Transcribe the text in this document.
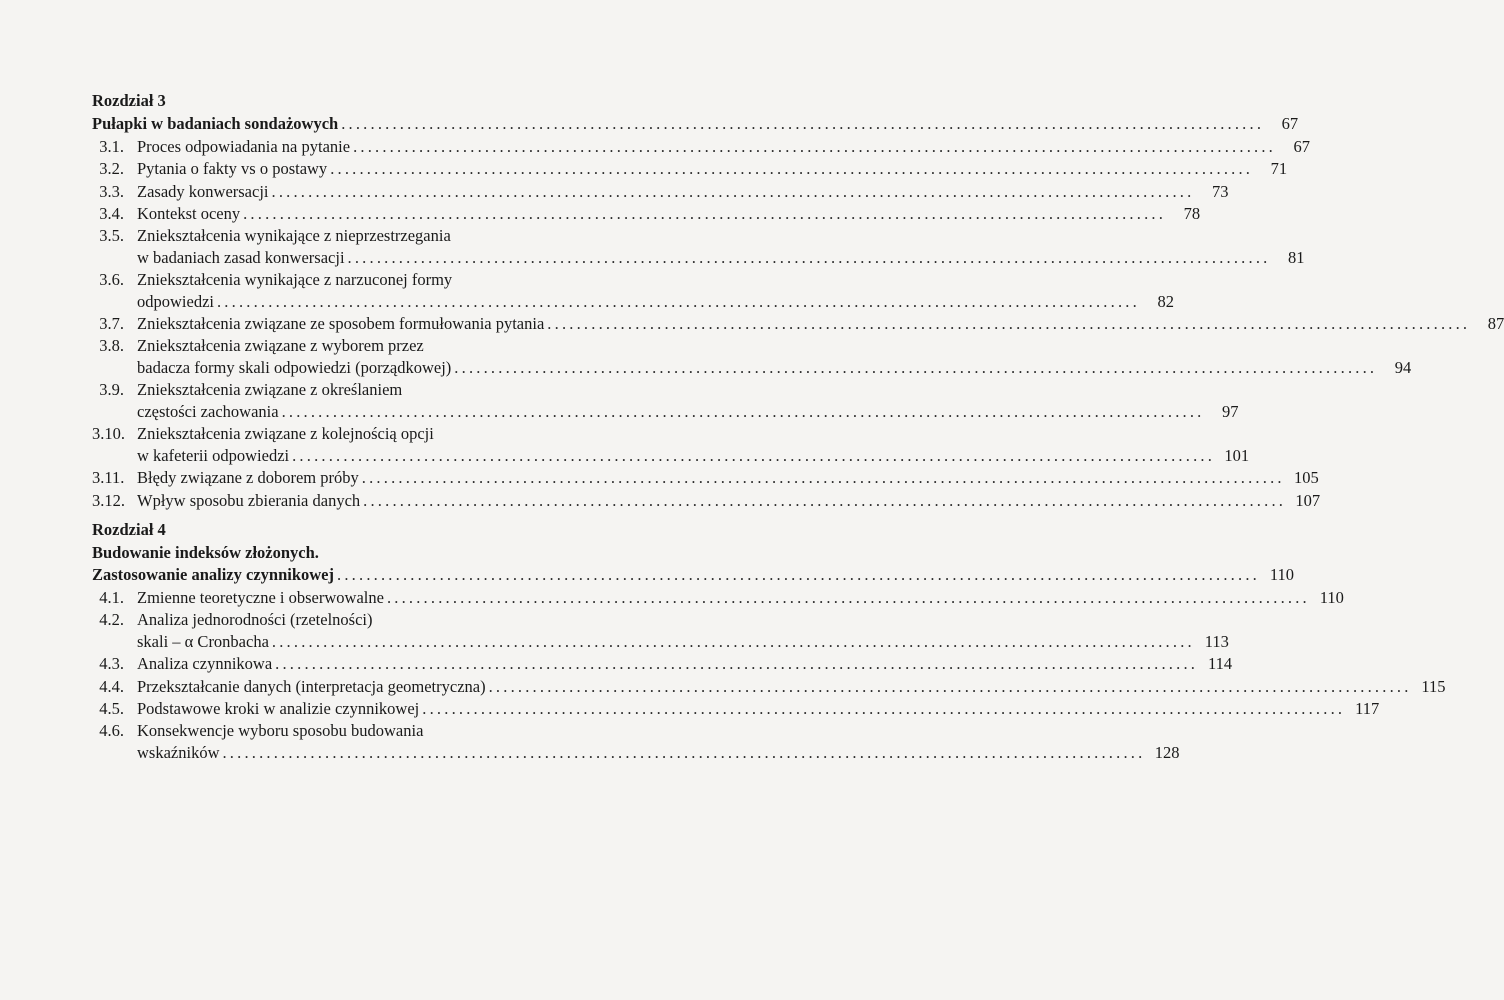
Rozdział 3
Pułapki w badaniach sondażowych ..............................................................................................................................	67
3.1. Proces odpowiadania na pytanie ..............................................................................................................................	67
3.2. Pytania o fakty vs o postawy ..............................................................................................................................	71
3.3. Zasady konwersacji ..............................................................................................................................	73
3.4. Kontekst oceny ..............................................................................................................................	78
3.5. Zniekształcenia wynikające z nieprzestrzegania
w badaniach zasad konwersacji ..............................................................................................................................	81
3.6. Zniekształcenia wynikające z narzuconej formy
odpowiedzi ..............................................................................................................................	82
3.7. Zniekształcenia związane ze sposobem formułowania pytania ..............................................................................................................................	87
3.8. Zniekształcenia związane z wyborem przez
badacza formy skali odpowiedzi (porządkowej) ..............................................................................................................................	94
3.9. Zniekształcenia związane z określaniem
częstości zachowania ..............................................................................................................................	97
3.10. Zniekształcenia związane z kolejnością opcji
w kafeterii odpowiedzi .............................................................................................................................. 101
3.11. Błędy związane z doborem próby .............................................................................................................................. 105
3.12. Wpływ sposobu zbierania danych .............................................................................................................................. 107
Rozdział 4
Budowanie indeksów złożonych.
Zastosowanie analizy czynnikowej .............................................................................................................................. 110
4.1. Zmienne teoretyczne i obserwowalne .............................................................................................................................. 110
4.2. Analiza jednorodności (rzetelności)
skali – α Cronbacha .............................................................................................................................. 113
4.3. Analiza czynnikowa .............................................................................................................................. 114
4.4. Przekształcanie danych (interpretacja geometryczna) .............................................................................................................................. 115
4.5. Podstawowe kroki w analizie czynnikowej .............................................................................................................................. 117
4.6. Konsekwencje wyboru sposobu budowania
wskaźników .............................................................................................................................. 128
